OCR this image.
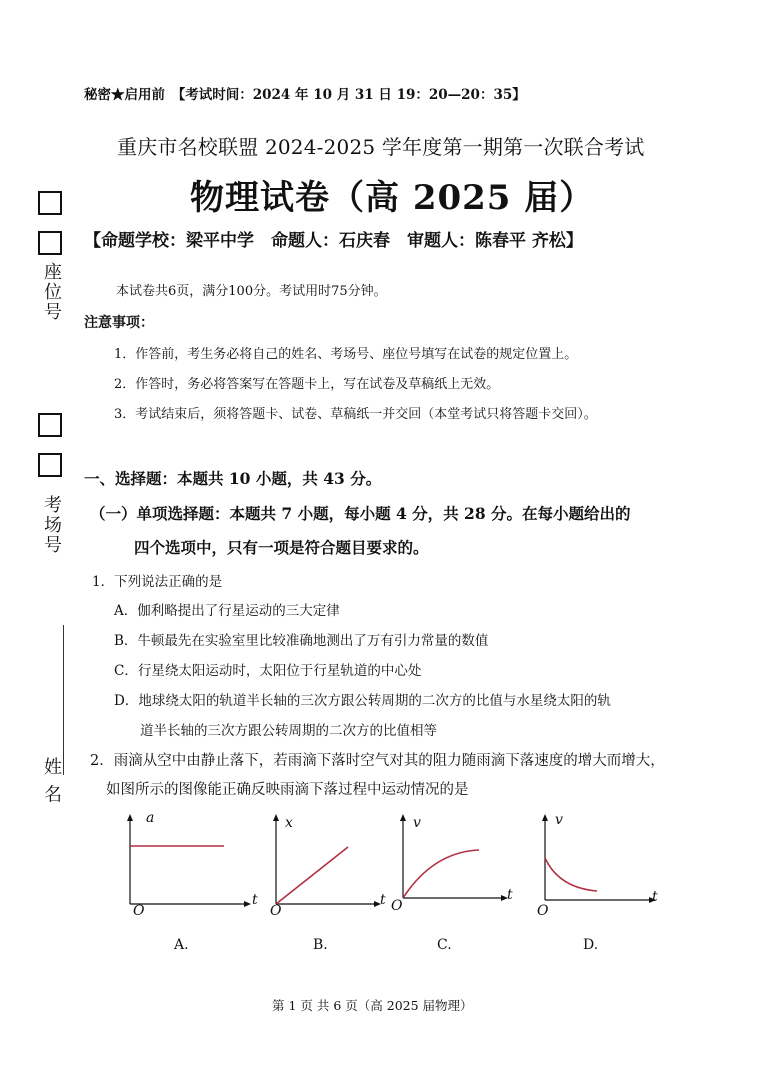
座位号
考场号
姓 名
秘密★启用前　【考试时间：2024 年 10 月 31 日 19：20—20：35】
重庆市名校联盟 2024-2025 学年度第一期第一次联合考试
物理试卷（高 2025 届）
【命题学校：梁平中学　命题人：石庆春　审题人：陈春平 齐松】
本试卷共6页，满分100分。考试用时75分钟。
注意事项：
1．作答前，考生务必将自己的姓名、考场号、座位号填写在试卷的规定位置上。
2．作答时，务必将答案写在答题卡上，写在试卷及草稿纸上无效。
3．考试结束后，须将答题卡、试卷、草稿纸一并交回（本堂考试只将答题卡交回）。
一、选择题：本题共 10 小题，共 43 分。
（一）单项选择题：本题共 7 小题，每小题 4 分，共 28 分。在每小题给出的
四个选项中，只有一项是符合题目要求的。
1．下列说法正确的是
A．伽利略提出了行星运动的三大定律
B．牛顿最先在实验室里比较准确地测出了万有引力常量的数值
C．行星绕太阳运动时，太阳位于行星轨道的中心处
D．地球绕太阳的轨道半长轴的三次方跟公转周期的二次方的比值与水星绕太阳的轨
道半长轴的三次方跟公转周期的二次方的比值相等
2．雨滴从空中由静止落下，若雨滴下落时空气对其的阻力随雨滴下落速度的增大而增大，
如图所示的图像能正确反映雨滴下落过程中运动情况的是
a
t
O
A.
x
t
O
B.
v
t
O
C.
v
t
O
D.
第 1 页 共 6 页（高 2025 届物理）
